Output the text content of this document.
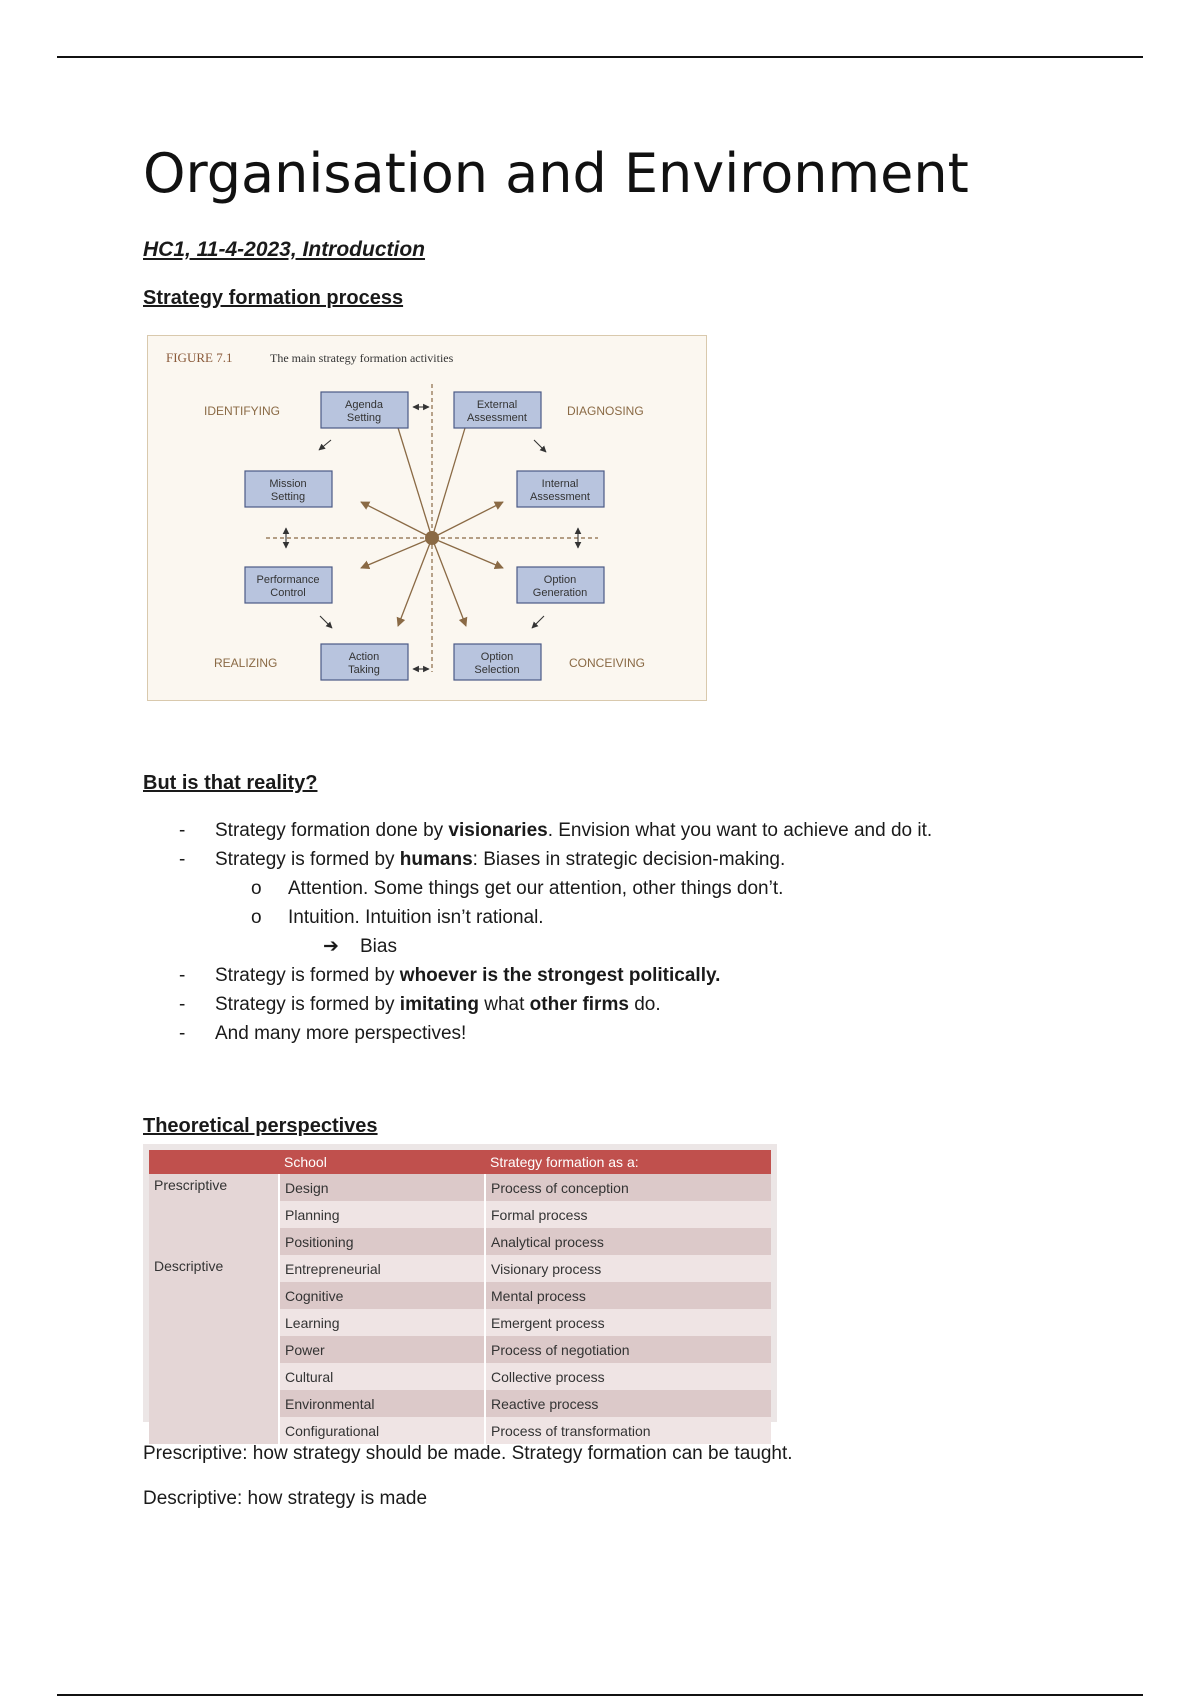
Organisation and Environment
HC1, 11-4-2023, Introduction
Strategy formation process
FIGURE 7.1	The main strategy formation activities
Agenda
Setting
External
Assessment
Mission
Setting
Internal
Assessment
Performance
Control
Option
Generation
Action
Taking
Option
Selection
IDENTIFYING	DIAGNOSING
REALIZING	CONCEIVING
But is that reality?
- Strategy formation done by visionaries. Envision what you want to achieve and do it.
- Strategy is formed by humans: Biases in strategic decision-making.
o Attention. Some things get our attention, other things don’t.
o Intuition. Intuition isn’t rational.
➔ Bias
- Strategy is formed by whoever is the strongest politically.
- Strategy is formed by imitating what other firms do.
- And many more perspectives!
Theoretical perspectives
	School	Strategy formation as a:
Prescriptive	Design	Process of conception
	Planning	Formal process
	Positioning	Analytical process
Descriptive	Entrepreneurial	Visionary process
	Cognitive	Mental process
	Learning	Emergent process
	Power	Process of negotiation
	Cultural	Collective process
	Environmental	Reactive process
	Configurational	Process of transformation
Prescriptive: how strategy should be made. Strategy formation can be taught.
Descriptive: how strategy is made
